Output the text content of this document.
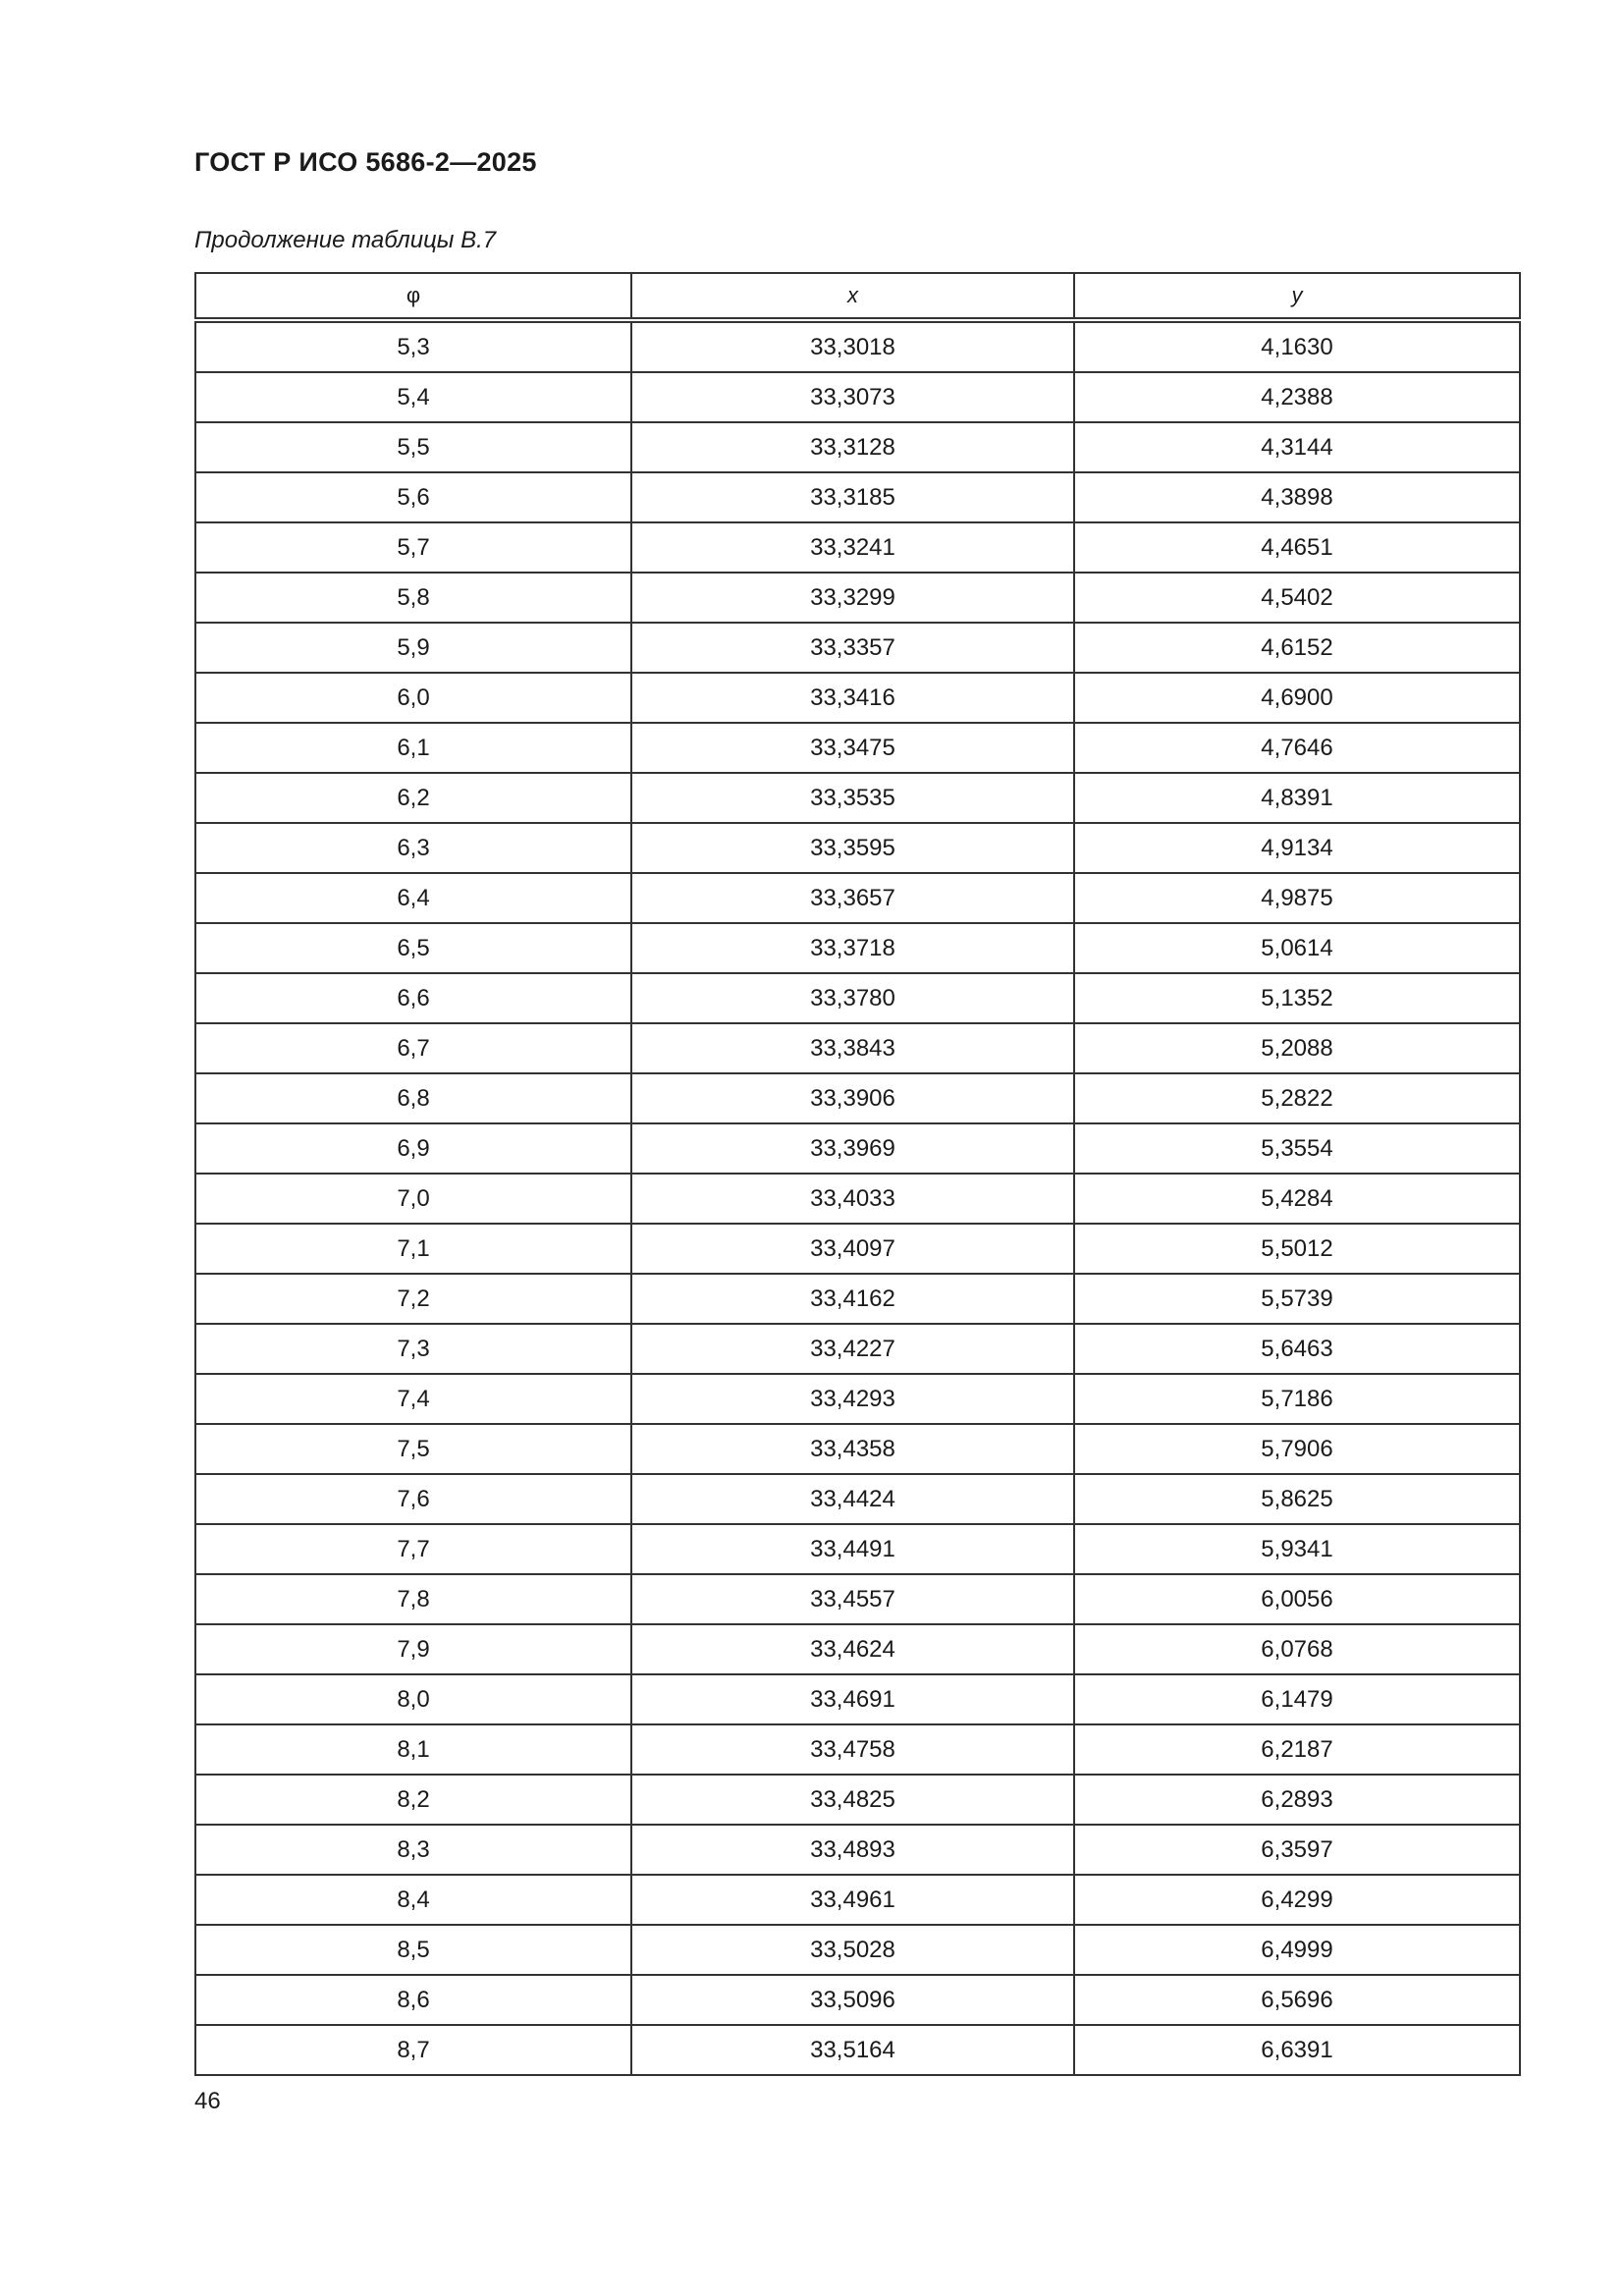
ГОСТ Р ИСО 5686-2—2025

Продолжение таблицы В.7

φ	x	y
5,3	33,3018	4,1630
5,4	33,3073	4,2388
5,5	33,3128	4,3144
5,6	33,3185	4,3898
5,7	33,3241	4,4651
5,8	33,3299	4,5402
5,9	33,3357	4,6152
6,0	33,3416	4,6900
6,1	33,3475	4,7646
6,2	33,3535	4,8391
6,3	33,3595	4,9134
6,4	33,3657	4,9875
6,5	33,3718	5,0614
6,6	33,3780	5,1352
6,7	33,3843	5,2088
6,8	33,3906	5,2822
6,9	33,3969	5,3554
7,0	33,4033	5,4284
7,1	33,4097	5,5012
7,2	33,4162	5,5739
7,3	33,4227	5,6463
7,4	33,4293	5,7186
7,5	33,4358	5,7906
7,6	33,4424	5,8625
7,7	33,4491	5,9341
7,8	33,4557	6,0056
7,9	33,4624	6,0768
8,0	33,4691	6,1479
8,1	33,4758	6,2187
8,2	33,4825	6,2893
8,3	33,4893	6,3597
8,4	33,4961	6,4299
8,5	33,5028	6,4999
8,6	33,5096	6,5696
8,7	33,5164	6,6391

46
